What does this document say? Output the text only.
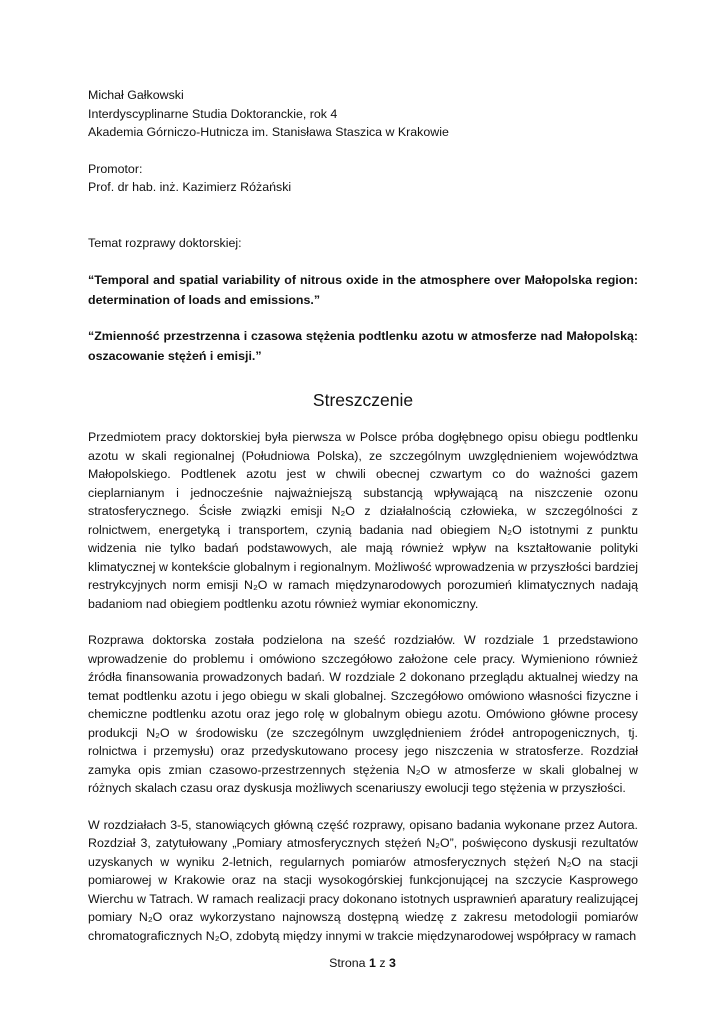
Michał Gałkowski
Interdyscyplinarne Studia Doktoranckie, rok 4
Akademia Górniczo-Hutnicza im. Stanisława Staszica w Krakowie
Promotor:
Prof. dr hab. inż. Kazimierz Różański
Temat rozprawy doktorskiej:
“Temporal and spatial variability of nitrous oxide in the atmosphere over Małopolska region: determination of loads and emissions.”
“Zmienność przestrzenna i czasowa stężenia podtlenku azotu w atmosferze nad Małopolską: oszacowanie stężeń i emisji.”
Streszczenie

Przedmiotem pracy doktorskiej była pierwsza w Polsce próba dogłębnego opisu obiegu podtlenku azotu w skali regionalnej (Południowa Polska), ze szczególnym uwzględnieniem województwa Małopolskiego. Podtlenek azotu jest w chwili obecnej czwartym co do ważności gazem cieplarnianym i jednocześnie najważniejszą substancją wpływającą na niszczenie ozonu stratosferycznego. Ścisłe związki emisji N₂O z działalnością człowieka, w szczególności z rolnictwem, energetyką i transportem, czynią badania nad obiegiem N₂O istotnymi z punktu widzenia nie tylko badań podstawowych, ale mają również wpływ na kształtowanie polityki klimatycznej w kontekście globalnym i regionalnym. Możliwość wprowadzenia w przyszłości bardziej restrykcyjnych norm emisji N₂O w ramach międzynarodowych porozumień klimatycznych nadają badaniom nad obiegiem podtlenku azotu również wymiar ekonomiczny.

Rozprawa doktorska została podzielona na sześć rozdziałów. W rozdziale 1 przedstawiono wprowadzenie do problemu i omówiono szczegółowo założone cele pracy. Wymieniono również źródła finansowania prowadzonych badań. W rozdziale 2 dokonano przeglądu aktualnej wiedzy na temat podtlenku azotu i jego obiegu w skali globalnej. Szczegółowo omówiono własności fizyczne i chemiczne podtlenku azotu oraz jego rolę w globalnym obiegu azotu. Omówiono główne procesy produkcji N₂O w środowisku (ze szczególnym uwzględnieniem źródeł antropogenicznych, tj. rolnictwa i przemysłu) oraz przedyskutowano procesy jego niszczenia w stratosferze. Rozdział zamyka opis zmian czasowo-przestrzennych stężenia N₂O w atmosferze w skali globalnej w różnych skalach czasu oraz dyskusja możliwych scenariuszy ewolucji tego stężenia w przyszłości.

W rozdziałach 3-5, stanowiących główną część rozprawy, opisano badania wykonane przez Autora. Rozdział 3, zatytułowany „Pomiary atmosferycznych stężeń N₂O”, poświęcono dyskusji rezultatów uzyskanych w wyniku 2-letnich, regularnych pomiarów atmosferycznych stężeń N₂O na stacji pomiarowej w Krakowie oraz na stacji wysokogórskiej funkcjonującej na szczycie Kasprowego Wierchu w Tatrach. W ramach realizacji pracy dokonano istotnych usprawnień aparatury realizującej pomiary N₂O oraz wykorzystano najnowszą dostępną wiedzę z zakresu metodologii pomiarów chromatograficznych N₂O, zdobytą między innymi w trakcie międzynarodowej współpracy w ramach

Strona 1 z 3
